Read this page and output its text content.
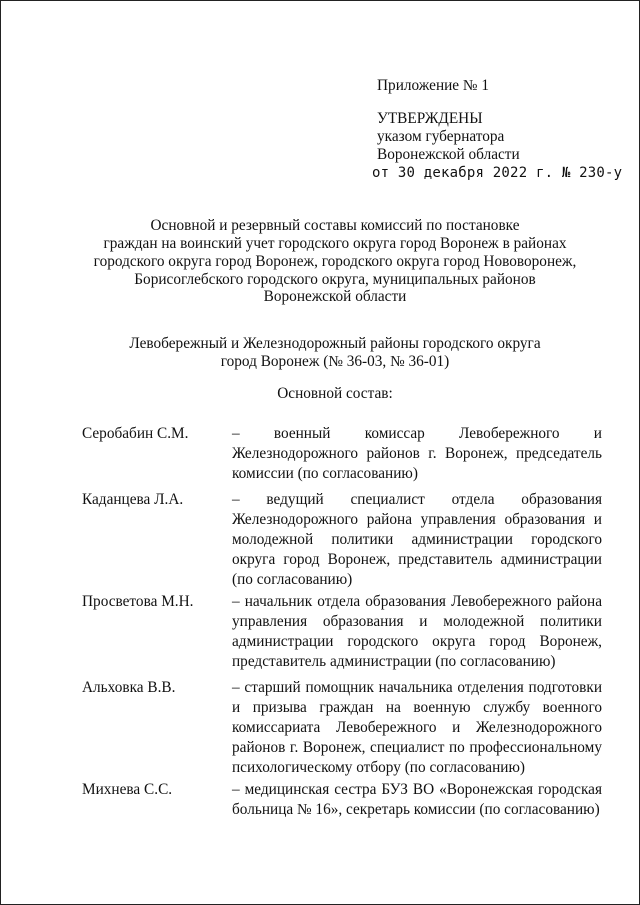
Приложение № 1
УТВЕРЖДЕНЫ
указом губернатора
Воронежской области
от 30 декабря 2022 г. № 230-у
Основной и резервный составы комиссий по постановке
граждан на воинский учет городского округа город Воронеж в районах
городского округа город Воронеж, городского округа город Нововоронеж,
Борисоглебского городского округа, муниципальных районов
Воронежской области
Левобережный и Железнодорожный районы городского округа
город Воронеж (№ 36-03, № 36-01)
Основной состав:
Серобабин С.М.	– военный комиссар Левобережного и Железнодорожного районов г. Воронеж, председатель комиссии (по согласованию)
Каданцева Л.А.	– ведущий специалист отдела образования Железнодорожного района управления образования и молодежной политики администрации городского округа город Воронеж, представитель администрации (по согласованию)
Просветова М.Н.	– начальник отдела образования Левобережного района управления образования и молодежной политики администрации городского округа город Воронеж, представитель администрации (по согласованию)
Альховка В.В.	– старший помощник начальника отделения подготовки и призыва граждан на военную службу военного комиссариата Левобережного и Железнодорожного районов г. Воронеж, специалист по профессиональному психологическому отбору (по согласованию)
Михнева С.С.	– медицинская сестра БУЗ ВО «Воронежская городская больница № 16», секретарь комиссии (по согласованию)
